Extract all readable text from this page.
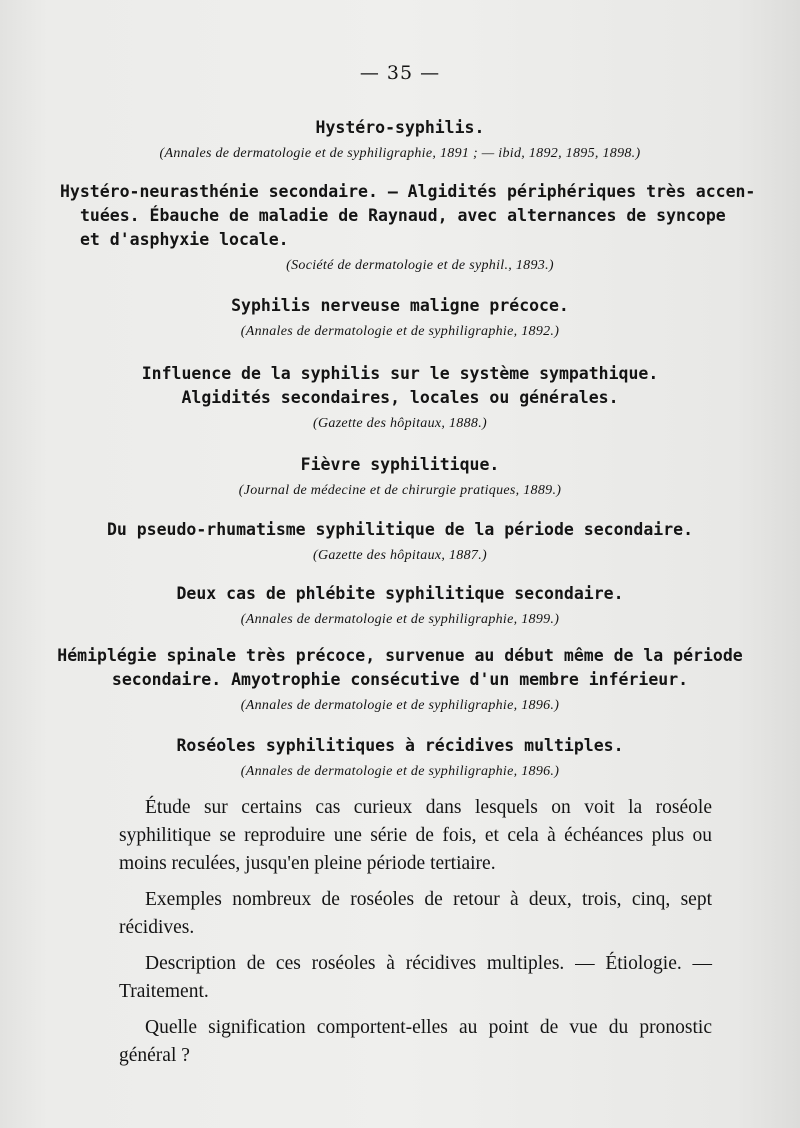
— 35 —
Hystéro-syphilis.
(Annales de dermatologie et de syphiligraphie, 1891 ; — ibid, 1892, 1895, 1898.)
Hystéro-neurasthénie secondaire. — Algidités périphériques très accen-
tuées. Ébauche de maladie de Raynaud, avec alternances de syncope
et d'asphyxie locale.
(Société de dermatologie et de syphil., 1893.)
Syphilis nerveuse maligne précoce.
(Annales de dermatologie et de syphiligraphie, 1892.)
Influence de la syphilis sur le système sympathique.
Algidités secondaires, locales ou générales.
(Gazette des hôpitaux, 1888.)
Fièvre syphilitique.
(Journal de médecine et de chirurgie pratiques, 1889.)
Du pseudo-rhumatisme syphilitique de la période secondaire.
(Gazette des hôpitaux, 1887.)
Deux cas de phlébite syphilitique secondaire.
(Annales de dermatologie et de syphiligraphie, 1899.)
Hémiplégie spinale très précoce, survenue au début même de la période
secondaire. Amyotrophie consécutive d'un membre inférieur.
(Annales de dermatologie et de syphiligraphie, 1896.)
Roséoles syphilitiques à récidives multiples.
(Annales de dermatologie et de syphiligraphie, 1896.)

Étude sur certains cas curieux dans lesquels on voit la roséole syphilitique se reproduire une série de fois, et cela à échéances plus ou moins reculées, jusqu'en pleine période tertiaire.

Exemples nombreux de roséoles de retour à deux, trois, cinq, sept récidives.

Description de ces roséoles à récidives multiples. — Étiologie. — Traitement.

Quelle signification comportent-elles au point de vue du pronostic général ?
